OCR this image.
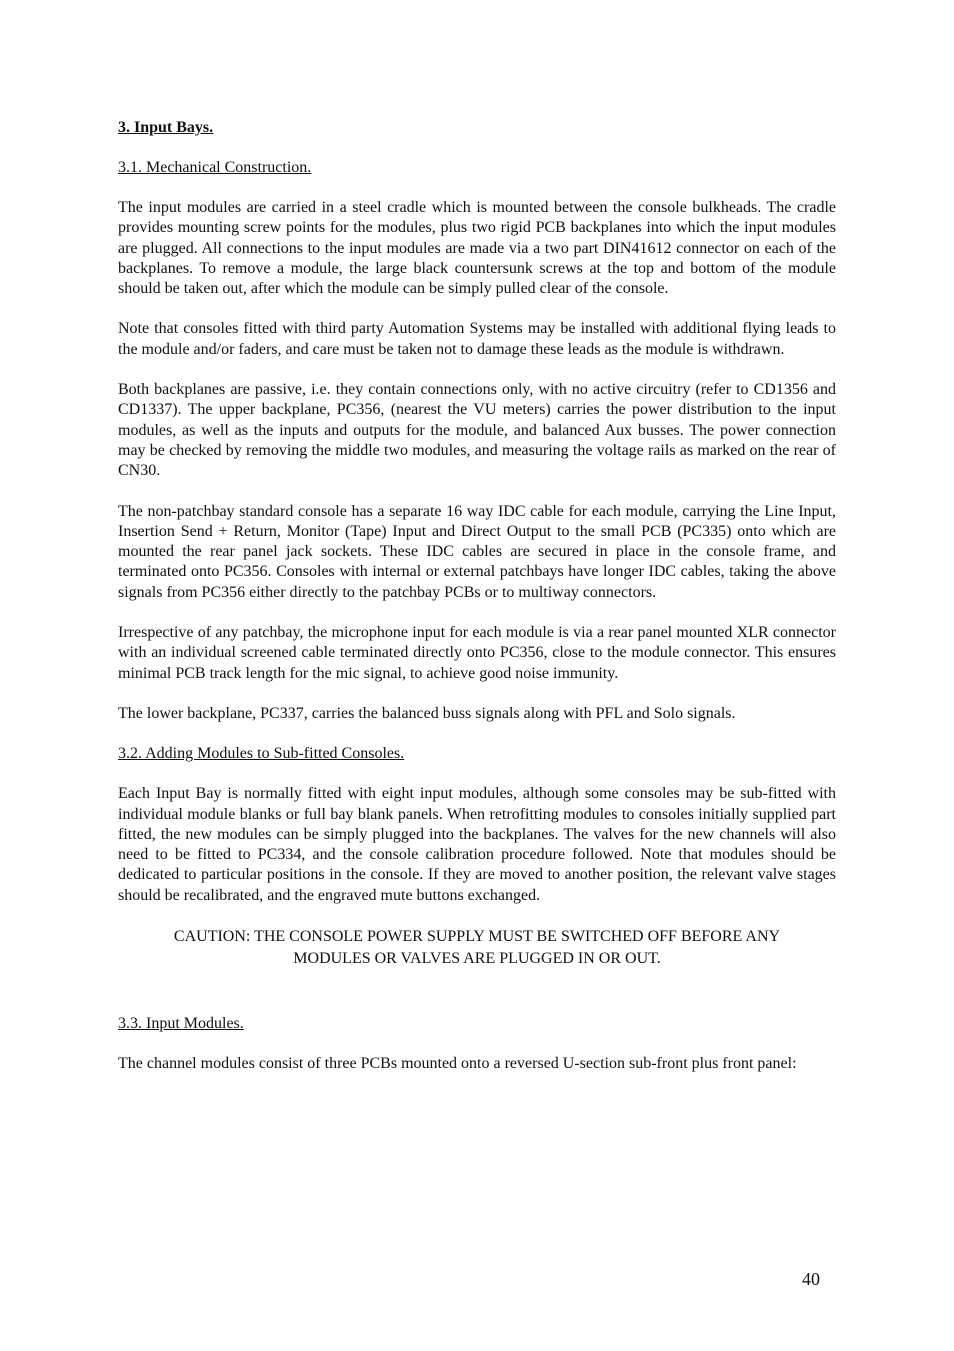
3. Input Bays.
3.1. Mechanical Construction.

The input modules are carried in a steel cradle which is mounted between the console bulkheads. The cradle provides mounting screw points for the modules, plus two rigid PCB backplanes into which the input modules are plugged. All connections to the input modules are made via a two part DIN41612 connector on each of the backplanes. To remove a module, the large black countersunk screws at the top and bottom of the module should be taken out, after which the module can be simply pulled clear of the console.

Note that consoles fitted with third party Automation Systems may be installed with additional flying leads to the module and/or faders, and care must be taken not to damage these leads as the module is withdrawn.

Both backplanes are passive, i.e. they contain connections only, with no active circuitry (refer to CD1356 and CD1337). The upper backplane, PC356, (nearest the VU meters) carries the power distribution to the input modules, as well as the inputs and outputs for the module, and balanced Aux busses. The power connection may be checked by removing the middle two modules, and measuring the voltage rails as marked on the rear of CN30.

The non-patchbay standard console has a separate 16 way IDC cable for each module, carrying the Line Input, Insertion Send + Return, Monitor (Tape) Input and Direct Output to the small PCB (PC335) onto which are mounted the rear panel jack sockets. These IDC cables are secured in place in the console frame, and terminated onto PC356. Consoles with internal or external patchbays have longer IDC cables, taking the above signals from PC356 either directly to the patchbay PCBs or to multiway connectors.

Irrespective of any patchbay, the microphone input for each module is via a rear panel mounted XLR connector with an individual screened cable terminated directly onto PC356, close to the module connector. This ensures minimal PCB track length for the mic signal, to achieve good noise immunity.

The lower backplane, PC337, carries the balanced buss signals along with PFL and Solo signals.

3.2. Adding Modules to Sub-fitted Consoles.

Each Input Bay is normally fitted with eight input modules, although some consoles may be sub-fitted with individual module blanks or full bay blank panels. When retrofitting modules to consoles initially supplied part fitted, the new modules can be simply plugged into the backplanes. The valves for the new channels will also need to be fitted to PC334, and the console calibration procedure followed. Note that modules should be dedicated to particular positions in the console. If they are moved to another position, the relevant valve stages should be recalibrated, and the engraved mute buttons exchanged.

CAUTION: THE CONSOLE POWER SUPPLY MUST BE SWITCHED OFF BEFORE ANY
MODULES OR VALVES ARE PLUGGED IN OR OUT.
3.3. Input Modules.

The channel modules consist of three PCBs mounted onto a reversed U-section sub-front plus front panel:

40
